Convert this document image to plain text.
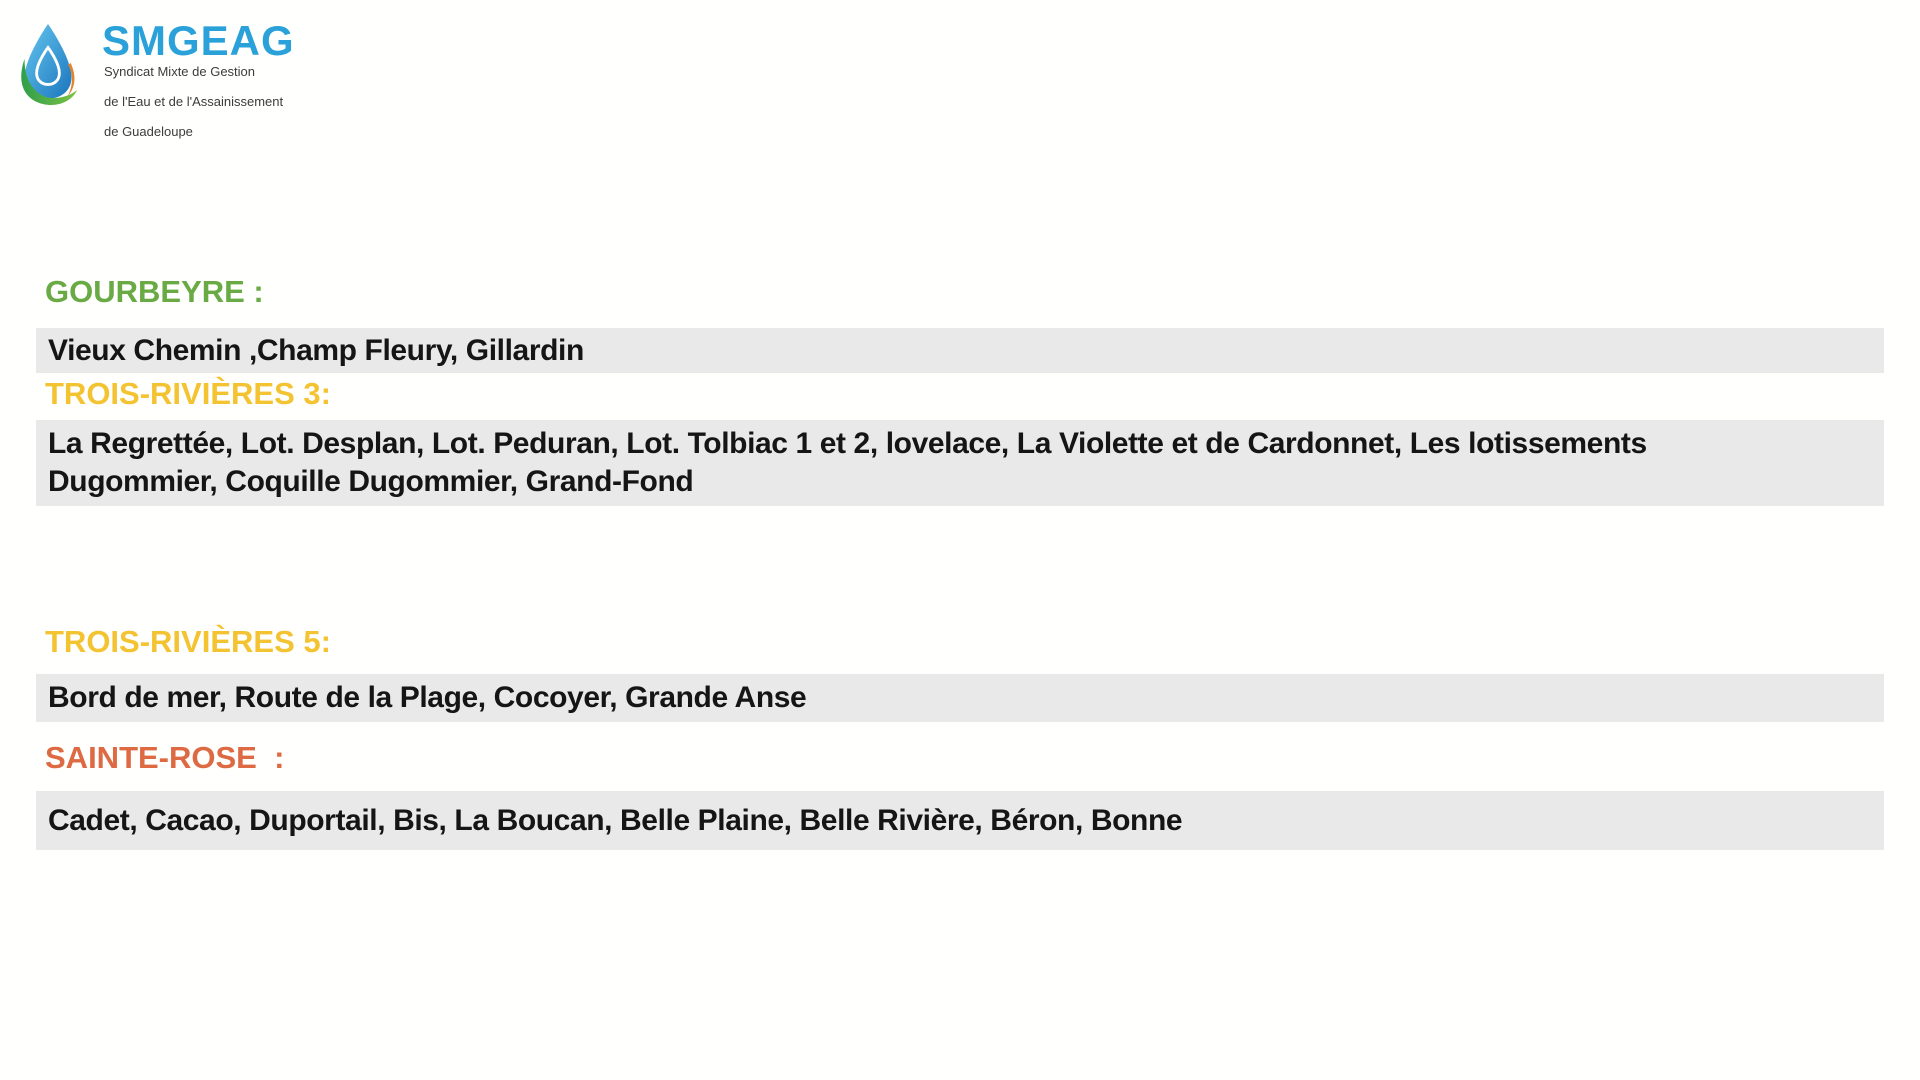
SMGEAG
Syndicat Mixte de Gestion

de l'Eau et de l'Assainissement

de Guadeloupe
GOURBEYRE :
Vieux Chemin ,Champ Fleury, Gillardin
TROIS-RIVIÈRES 3:
La Regrettée, Lot. Desplan, Lot. Peduran, Lot. Tolbiac 1 et 2, lovelace, La Violette et de Cardonnet, Les lotissements
Dugommier, Coquille Dugommier, Grand-Fond
TROIS-RIVIÈRES 5:
Bord de mer, Route de la Plage, Cocoyer, Grande Anse
SAINTE-ROSE  :
Cadet, Cacao, Duportail, Bis, La Boucan, Belle Plaine, Belle Rivière, Béron, Bonne
